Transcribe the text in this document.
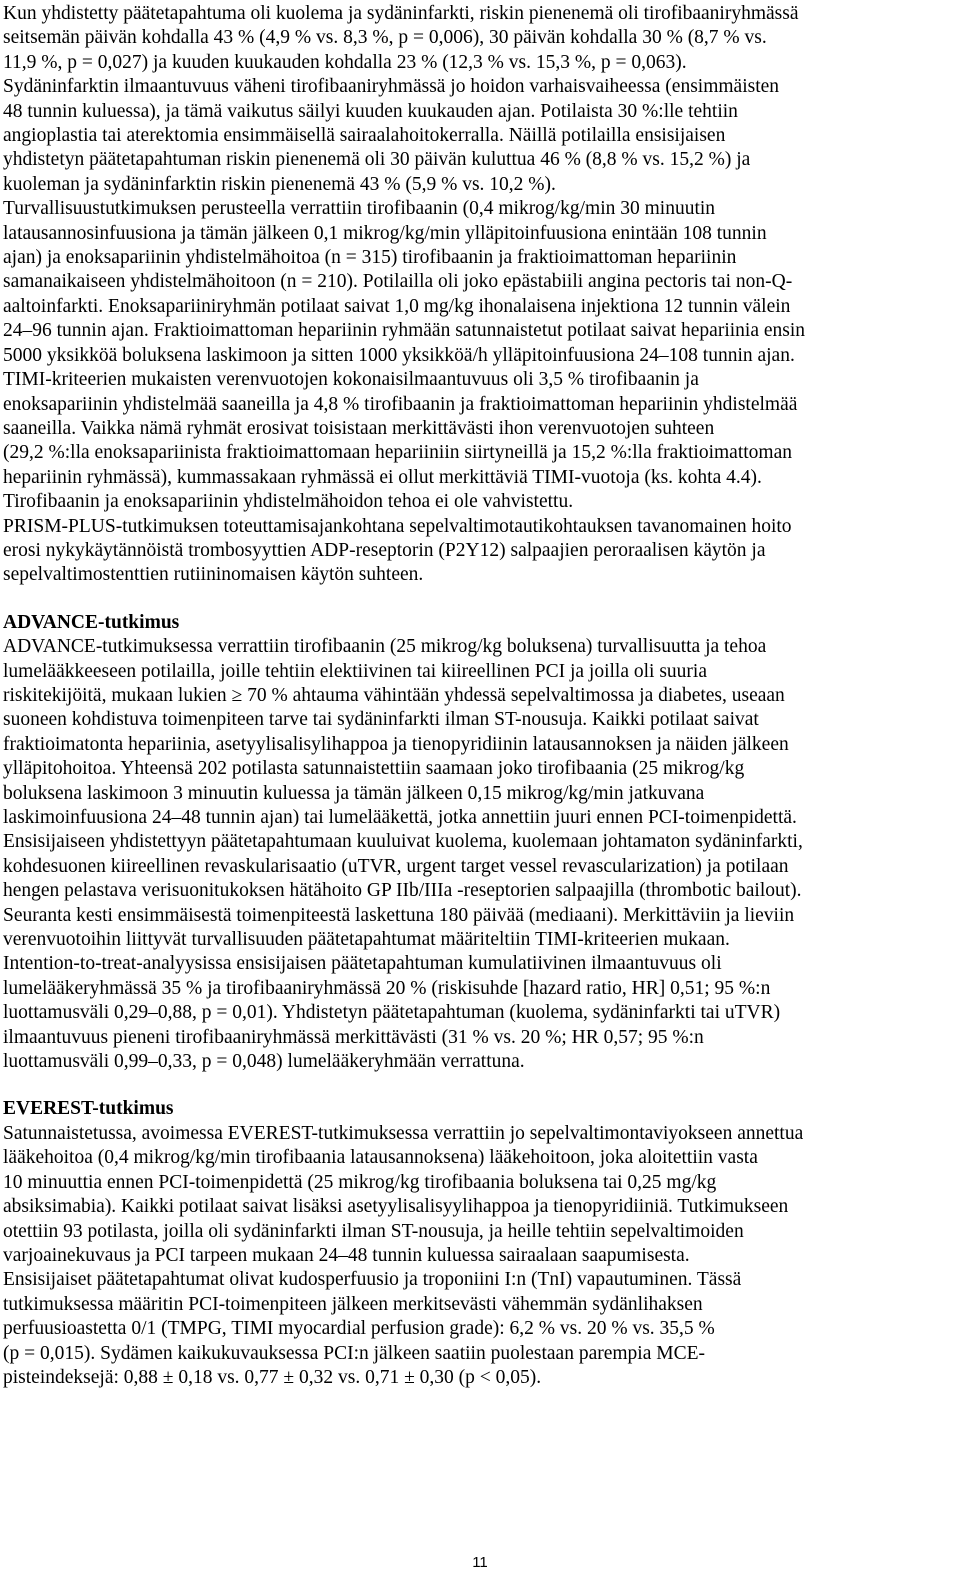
Kun yhdistetty päätetapahtuma oli kuolema ja sydäninfarkti, riskin pienenemä oli tirofibaaniryhmässä
seitsemän päivän kohdalla 43 % (4,9 % vs. 8,3 %, p = 0,006), 30 päivän kohdalla 30 % (8,7 % vs.
11,9 %, p = 0,027) ja kuuden kuukauden kohdalla 23 % (12,3 % vs. 15,3 %, p = 0,063).
Sydäninfarktin ilmaantuvuus väheni tirofibaaniryhmässä jo hoidon varhaisvaiheessa (ensimmäisten
48 tunnin kuluessa), ja tämä vaikutus säilyi kuuden kuukauden ajan. Potilaista 30 %:lle tehtiin
angioplastia tai aterektomia ensimmäisellä sairaalahoitokerralla. Näillä potilailla ensisijaisen
yhdistetyn päätetapahtuman riskin pienenemä oli 30 päivän kuluttua 46 % (8,8 % vs. 15,2 %) ja
kuoleman ja sydäninfarktin riskin pienenemä 43 % (5,9 % vs. 10,2 %).
Turvallisuustutkimuksen perusteella verrattiin tirofibaanin (0,4 mikrog/kg/min 30 minuutin
latausannosinfuusiona ja tämän jälkeen 0,1 mikrog/kg/min ylläpitoinfuusiona enintään 108 tunnin
ajan) ja enoksapariinin yhdistelmähoitoa (n = 315) tirofibaanin ja fraktioimattoman hepariinin
samanaikaiseen yhdistelmähoitoon (n = 210). Potilailla oli joko epästabiili angina pectoris tai non-Q-
aaltoinfarkti. Enoksapariiniryhmän potilaat saivat 1,0 mg/kg ihonalaisena injektiona 12 tunnin välein
24–96 tunnin ajan. Fraktioimattoman hepariinin ryhmään satunnaistetut potilaat saivat hepariinia ensin
5000 yksikköä boluksena laskimoon ja sitten 1000 yksikköä/h ylläpitoinfuusiona 24–108 tunnin ajan.
TIMI-kriteerien mukaisten verenvuotojen kokonaisilmaantuvuus oli 3,5 % tirofibaanin ja
enoksapariinin yhdistelmää saaneilla ja 4,8 % tirofibaanin ja fraktioimattoman hepariinin yhdistelmää
saaneilla. Vaikka nämä ryhmät erosivat toisistaan merkittävästi ihon verenvuotojen suhteen
(29,2 %:lla enoksapariinista fraktioimattomaan hepariiniin siirtyneillä ja 15,2 %:lla fraktioimattoman
hepariinin ryhmässä), kummassakaan ryhmässä ei ollut merkittäviä TIMI-vuotoja (ks. kohta 4.4).
Tirofibaanin ja enoksapariinin yhdistelmähoidon tehoa ei ole vahvistettu.
PRISM-PLUS-tutkimuksen toteuttamisajankohtana sepelvaltimotautikohtauksen tavanomainen hoito
erosi nykykäytännöistä trombosyyttien ADP-reseptorin (P2Y12) salpaajien peroraalisen käytön ja
sepelvaltimostenttien rutiininomaisen käytön suhteen.

ADVANCE-tutkimus

ADVANCE-tutkimuksessa verrattiin tirofibaanin (25 mikrog/kg boluksena) turvallisuutta ja tehoa
lumelääkkeeseen potilailla, joille tehtiin elektiivinen tai kiireellinen PCI ja joilla oli suuria
riskitekijöitä, mukaan lukien ≥ 70 % ahtauma vähintään yhdessä sepelvaltimossa ja diabetes, useaan
suoneen kohdistuva toimenpiteen tarve tai sydäninfarkti ilman ST-nousuja. Kaikki potilaat saivat
fraktioimatonta hepariinia, asetyylisalisylihappoa ja tienopyridiinin latausannoksen ja näiden jälkeen
ylläpitohoitoa. Yhteensä 202 potilasta satunnaistettiin saamaan joko tirofibaania (25 mikrog/kg
boluksena laskimoon 3 minuutin kuluessa ja tämän jälkeen 0,15 mikrog/kg/min jatkuvana
laskimoinfuusiona 24–48 tunnin ajan) tai lumelääkettä, jotka annettiin juuri ennen PCI-toimenpidettä.
Ensisijaiseen yhdistettyyn päätetapahtumaan kuuluivat kuolema, kuolemaan johtamaton sydäninfarkti,
kohdesuonen kiireellinen revaskularisaatio (uTVR, urgent target vessel revascularization) ja potilaan
hengen pelastava verisuonitukoksen hätähoito GP IIb/IIIa -reseptorien salpaajilla (thrombotic bailout).
Seuranta kesti ensimmäisestä toimenpiteestä laskettuna 180 päivää (mediaani). Merkittäviin ja lieviin
verenvuotoihin liittyvät turvallisuuden päätetapahtumat määriteltiin TIMI-kriteerien mukaan.
Intention-to-treat-analyysissa ensisijaisen päätetapahtuman kumulatiivinen ilmaantuvuus oli
lumelääkeryhmässä 35 % ja tirofibaaniryhmässä 20 % (riskisuhde [hazard ratio, HR] 0,51; 95 %:n
luottamusväli 0,29–0,88, p = 0,01). Yhdistetyn päätetapahtuman (kuolema, sydäninfarkti tai uTVR)
ilmaantuvuus pieneni tirofibaaniryhmässä merkittävästi (31 % vs. 20 %; HR 0,57; 95 %:n
luottamusväli 0,99–0,33, p = 0,048) lumelääkeryhmään verrattuna.

EVEREST-tutkimus

Satunnaistetussa, avoimessa EVEREST-tutkimuksessa verrattiin jo sepelvaltimontaviyokseen annettua
lääkehoitoa (0,4 mikrog/kg/min tirofibaania latausannoksena) lääkehoitoon, joka aloitettiin vasta
10 minuuttia ennen PCI-toimenpidettä (25 mikrog/kg tirofibaania boluksena tai 0,25 mg/kg
absiksimabia). Kaikki potilaat saivat lisäksi asetyylisalisyylihappoa ja tienopyridiiniä. Tutkimukseen
otettiin 93 potilasta, joilla oli sydäninfarkti ilman ST-nousuja, ja heille tehtiin sepelvaltimoiden
varjoainekuvaus ja PCI tarpeen mukaan 24–48 tunnin kuluessa sairaalaan saapumisesta.
Ensisijaiset päätetapahtumat olivat kudosperfuusio ja troponiini I:n (TnI) vapautuminen. Tässä
tutkimuksessa määritin PCI-toimenpiteen jälkeen merkitsevästi vähemmän sydänlihaksen
perfuusioastetta 0/1 (TMPG, TIMI myocardial perfusion grade): 6,2 % vs. 20 % vs. 35,5 %
(p = 0,015). Sydämen kaikukuvauksessa PCI:n jälkeen saatiin puolestaan parempia MCE-
pisteindeksejä: 0,88 ± 0,18 vs. 0,77 ± 0,32 vs. 0,71 ± 0,30 (p < 0,05).

11
